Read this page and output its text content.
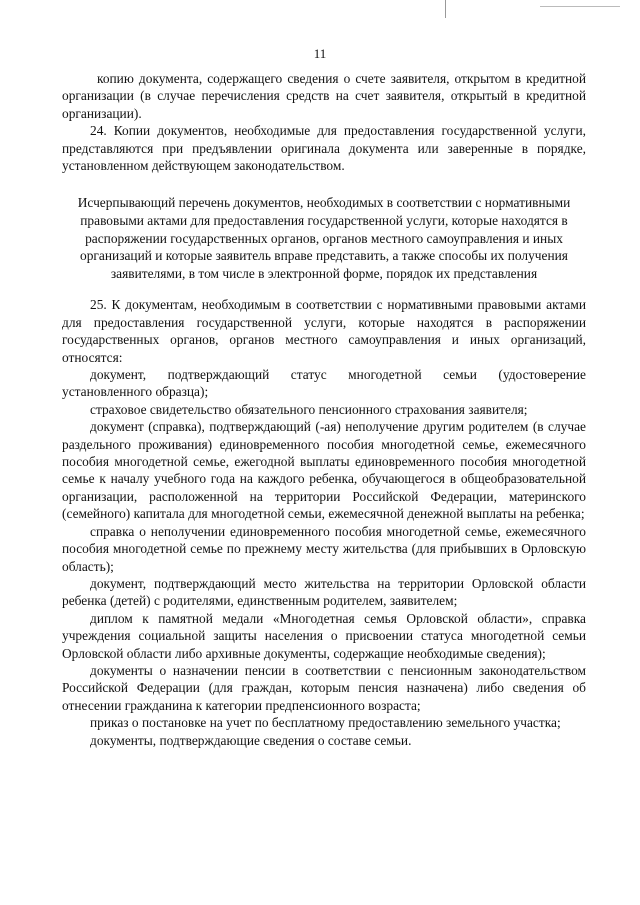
11

копию документа, содержащего сведения о счете заявителя, открытом в кредитной организации (в случае перечисления средств на счет заявителя, открытый в кредитной организации).

24. Копии документов, необходимые для предоставления государственной услуги, представляются при предъявлении оригинала документа или заверенные в порядке, установленном действующем законодательством.

Исчерпывающий перечень документов, необходимых в соответствии с нормативными правовыми актами для предоставления государственной услуги, которые находятся в распоряжении государственных органов, органов местного самоуправления и иных организаций и которые заявитель вправе представить, а также способы их получения заявителями, в том числе в электронной форме, порядок их представления

25. К документам, необходимым в соответствии с нормативными правовыми актами для предоставления государственной услуги, которые находятся в распоряжении государственных органов, органов местного самоуправления и иных организаций, относятся:

документ, подтверждающий статус многодетной семьи (удостоверение установленного образца);

страховое свидетельство обязательного пенсионного страхования заявителя;

документ (справка), подтверждающий (-ая) неполучение другим родителем (в случае раздельного проживания) единовременного пособия многодетной семье, ежемесячного пособия многодетной семье, ежегодной выплаты единовременного пособия многодетной семье к началу учебного года на каждого ребенка, обучающегося в общеобразовательной организации, расположенной на территории Российской Федерации, материнского (семейного) капитала для многодетной семьи, ежемесячной денежной выплаты на ребенка;

справка о неполучении единовременного пособия многодетной семье, ежемесячного пособия многодетной семье по прежнему месту жительства (для прибывших в Орловскую область);

документ, подтверждающий место жительства на территории Орловской области ребенка (детей) с родителями, единственным родителем, заявителем;

диплом к памятной медали «Многодетная семья Орловской области», справка учреждения социальной защиты населения о присвоении статуса многодетной семьи Орловской области либо архивные документы, содержащие необходимые сведения);

документы о назначении пенсии в соответствии с пенсионным законодательством Российской Федерации (для граждан, которым пенсия назначена) либо сведения об отнесении гражданина к категории предпенсионного возраста;

приказ о постановке на учет по бесплатному предоставлению земельного участка;

документы, подтверждающие сведения о составе семьи.
